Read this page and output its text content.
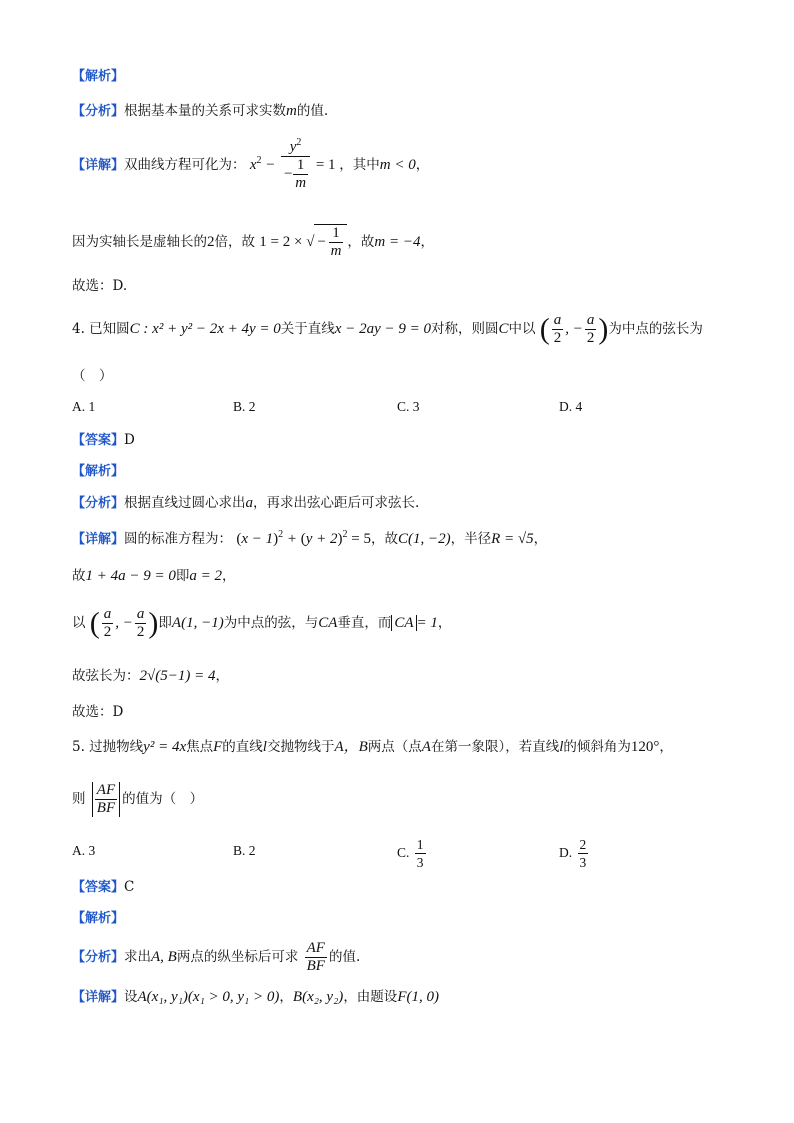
【解析】
【分析】根据基本量的关系可求实数m的值.
【详解】双曲线方程可化为： $x^2 - \frac{y^2}{- \frac{1}{m}} = 1$ ，其中m < 0，
因为实轴长是虚轴长的2倍，故 1 = 2 × √ − $\frac{1}{m}$ ，故m = −4，
故选：D.
4. 已知圆C : x² + y² − 2x + 4y = 0关于直线x − 2ay − 9 = 0对称，则圆C中以 ( $\frac{a}{2}$ , − $\frac{a}{2}$ )为中点的弦长为
（　）
A. 1	B. 2	C. 3	D. 4
【答案】D
【解析】
【分析】根据直线过圆心求出a，再求出弦心距后可求弦长.
【详解】圆的标准方程为： $(x - 1)^2 + (y + 2)^2 = 5$，故C(1, −2)，半径R = √5，
故1 + 4a − 9 = 0即a = 2，
以 ( $\frac{a}{2}$ , − $\frac{a}{2}$ )即A(1, −1)为中点的弦，与CA垂直，而 CA = 1，
故弦长为：2√(5−1) = 4，
故选：D
5. 过抛物线y² = 4x焦点F的直线l交抛物线于A，B两点（点A在第一象限），若直线l的倾斜角为120°，
则 $\frac{AF}{BF}$ 的值为（　）
A. 3	B. 2	C. $\frac{1}{3}$	D. $\frac{2}{3}$
【答案】C
【解析】
【分析】求出A, B两点的纵坐标后可求 $\frac{AF}{BF}$ 的值.
【详解】设A(x₁, y₁)(x₁ > 0, y₁ > 0)，B(x₂, y₂)，由题设F(1, 0)
